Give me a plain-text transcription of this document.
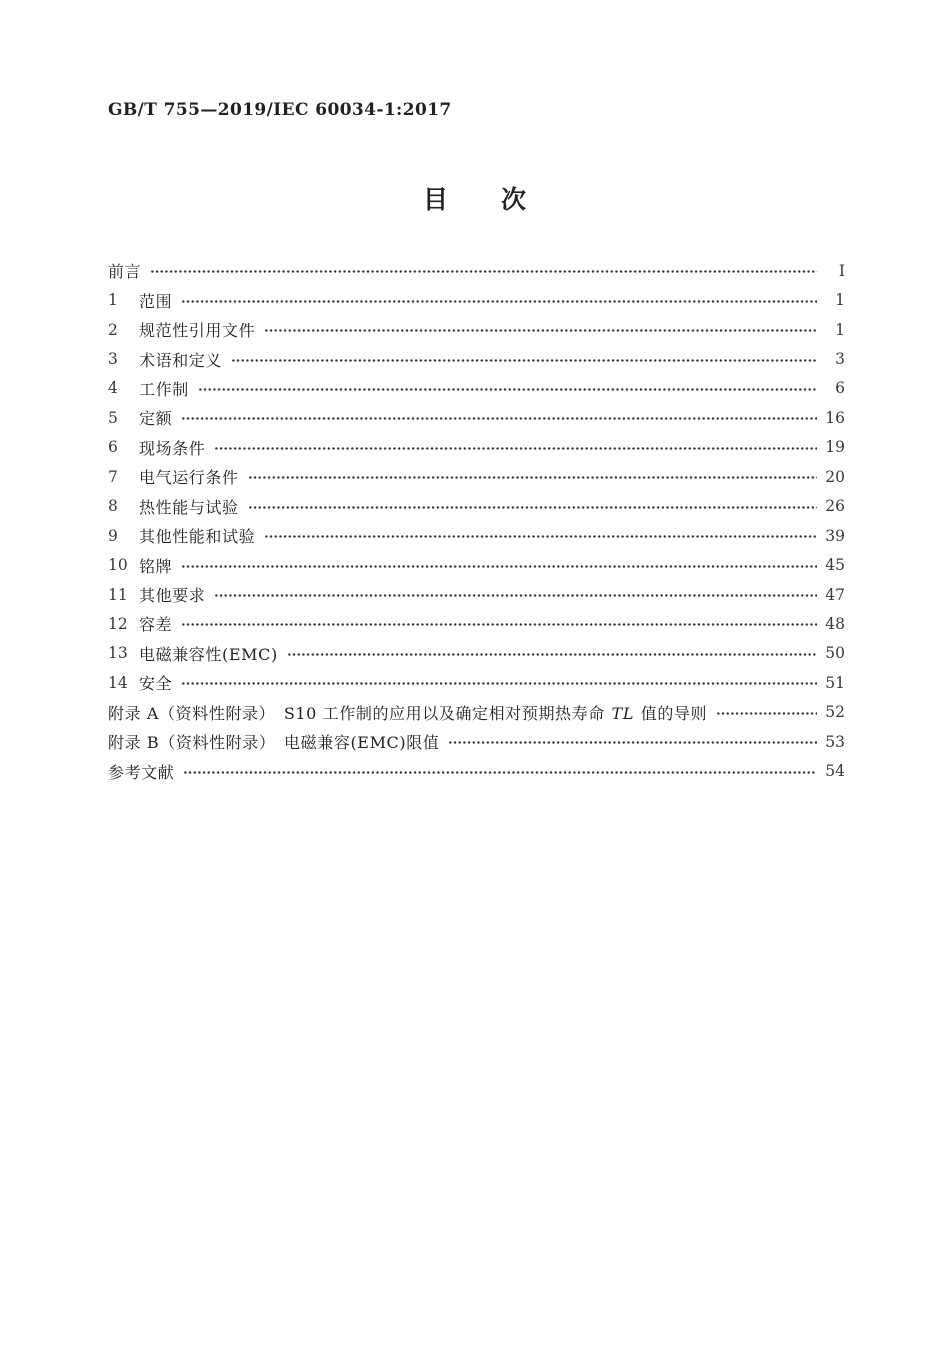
GB/T 755—2019/IEC 60034-1:2017
目　　次
前言	Ⅰ
1	范围	1
2	规范性引用文件	1
3	术语和定义	3
4	工作制	6
5	定额	16
6	现场条件	19
7	电气运行条件	20
8	热性能与试验	26
9	其他性能和试验	39
10 铭牌	45
11 其他要求	47
12 容差	48
13 电磁兼容性(EMC)	50
14 安全	51
附录 A（资料性附录）　S10 工作制的应用以及确定相对预期热寿命 TL 值的导则	52
附录 B（资料性附录）　电磁兼容(EMC)限值	53
参考文献	54
